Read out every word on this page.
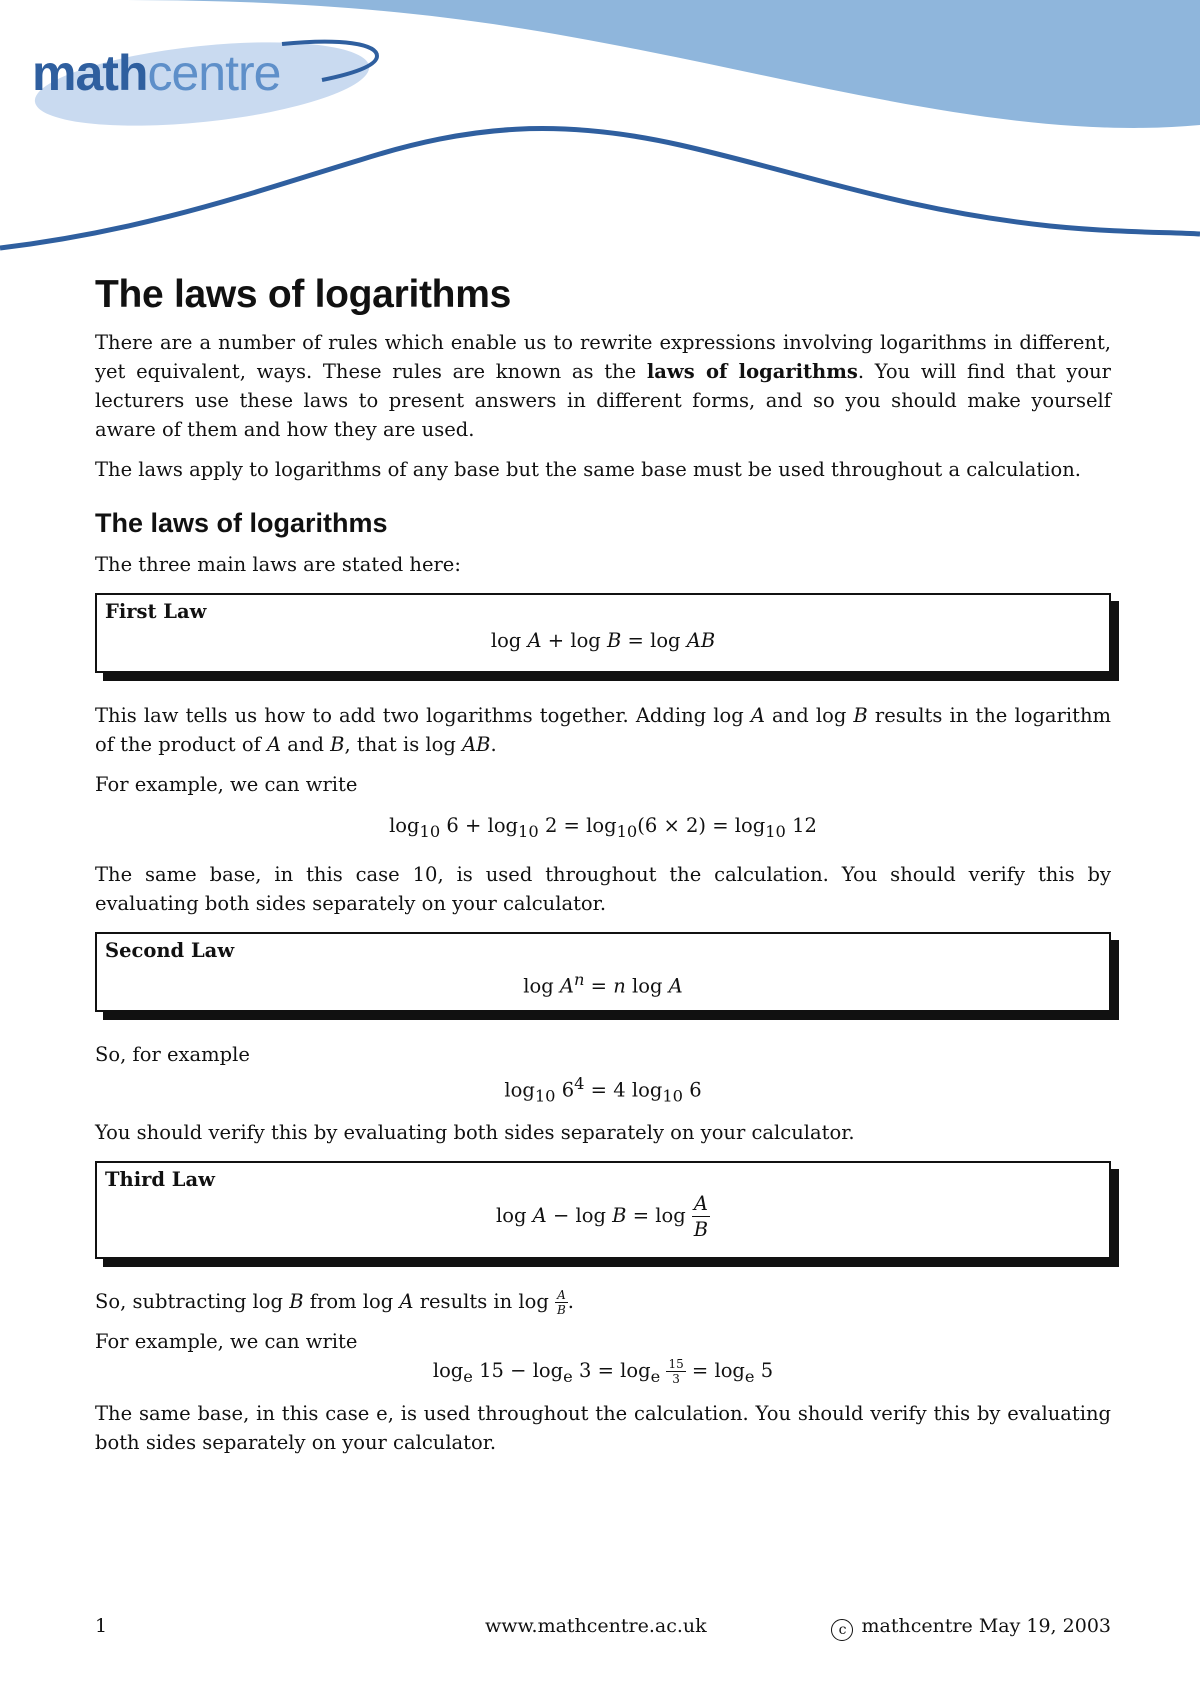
mathcentre
The laws of logarithms

There are a number of rules which enable us to rewrite expressions involving logarithms in different, yet equivalent, ways. These rules are known as the laws of logarithms. You will find that your lecturers use these laws to present answers in different forms, and so you should make yourself aware of them and how they are used.

The laws apply to logarithms of any base but the same base must be used throughout a calculation.

The laws of logarithms

The three main laws are stated here:

First Law
log A + log B = log AB

This law tells us how to add two logarithms together. Adding log A and log B results in the logarithm of the product of A and B, that is log AB.

For example, we can write

$\log_{10} 6 + \log_{10} 2 = \log_{10}(6 \times 2) = \log_{10} 12$

The same base, in this case 10, is used throughout the calculation. You should verify this by evaluating both sides separately on your calculator.

Second Law
$\log A^n = n$ log A

So, for example

$\log_{10} 6^4 = 4$ $\log_{10} 6$

You should verify this by evaluating both sides separately on your calculator.

Third Law
$\log A - \log B = \log \frac{A}{B}$

So, subtracting log B from log A results in $\log \frac{A}{B}$ .

For example, we can write

$\log_e 15 - \log_e 3 = \log_e \frac{15}{3} = \log_e 5$

The same base, in this case e, is used throughout the calculation. You should verify this by evaluating both sides separately on your calculator.

1	www.mathcentre.ac.uk	c mathcentre May 19, 2003
